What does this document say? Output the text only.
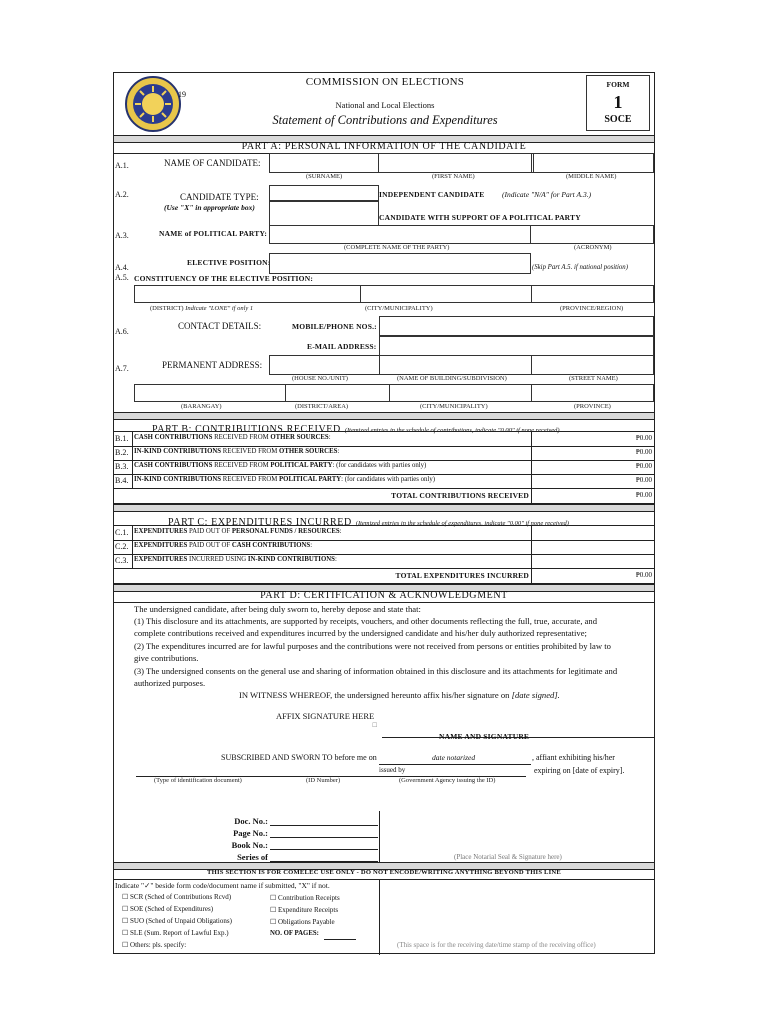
19
COMMISSION ON ELECTIONS
National and Local Elections
Statement of Contributions and Expenditures
FORM
1
SOCE
PART A: PERSONAL INFORMATION OF THE CANDIDATE
A.1.	NAME OF CANDIDATE:
(SURNAME)	(FIRST NAME)	(MIDDLE NAME)
A.2.	CANDIDATE TYPE:
(Use "X" in appropriate box)
INDEPENDENT CANDIDATE (Indicate "N/A" for Part A.3.)
CANDIDATE WITH SUPPORT OF A POLITICAL PARTY
A.3.	NAME of POLITICAL PARTY:
(COMPLETE NAME OF THE PARTY)	(ACRONYM)
A.4.
ELECTIVE POSITION:
(Skip Part A.5. if national position)
A.5. CONSTITUENCY OF THE ELECTIVE POSITION:
(DISTRICT) Indicate "LONE" if only 1	(CITY/MUNICIPALITY)	(PROVINCE/REGION)
A.6.
CONTACT DETAILS:	MOBILE/PHONE NOS.:
E-MAIL ADDRESS:
A.7.	PERMANENT ADDRESS:
(HOUSE NO./UNIT)	(NAME OF BUILDING/SUBDIVISION)	(STREET NAME)
(BARANGAY)	(DISTRICT/AREA)	(CITY/MUNICIPALITY)	(PROVINCE)
PART B: CONTRIBUTIONS RECEIVED (Itemized entries in the schedule of contributions, indicate "0.00" if none received)
B.1. CASH CONTRIBUTIONS RECEIVED FROM OTHER SOURCES:	₱0.00
B.2. IN-KIND CONTRIBUTIONS RECEIVED FROM OTHER SOURCES:	₱0.00
B.3. CASH CONTRIBUTIONS RECEIVED FROM POLITICAL PARTY: (for candidates with parties only)	₱0.00
B.4. IN-KIND CONTRIBUTIONS RECEIVED FROM POLITICAL PARTY: (for candidates with parties only)	₱0.00
TOTAL CONTRIBUTIONS RECEIVED	₱0.00
PART C: EXPENDITURES INCURRED (Itemized entries in the schedule of expenditures, indicate "0.00" if none received)
C.1. EXPENDITURES PAID OUT OF PERSONAL FUNDS / RESOURCES:
C.2. EXPENDITURES PAID OUT OF CASH CONTRIBUTIONS:
C.3. EXPENDITURES INCURRED USING IN-KIND CONTRIBUTIONS:
TOTAL EXPENDITURES INCURRED	₱0.00
PART D: CERTIFICATION & ACKNOWLEDGMENT
The undersigned candidate, after being duly sworn to, hereby depose and state that:
(1) This disclosure and its attachments, are supported by receipts, vouchers, and other documents reflecting the full, true, accurate, and
complete contributions received and expenditures incurred by the undersigned candidate and his/her duly authorized representative;
(2) The expenditures incurred are for lawful purposes and the contributions were not received from persons or entities prohibited by law to
give contributions.
(3) The undersigned consents on the general use and sharing of information obtained in this disclosure and its attachments for legitimate and
authorized purposes.
IN WITNESS WHEREOF, the undersigned hereunto affix his/her signature on [date signed].
AFFIX SIGNATURE HERE
☐
NAME AND SIGNATURE
SUBSCRIBED AND SWORN TO before me on	date notarized	, affiant exhibiting his/her
issued by	expiring on [date of expiry].
(Type of identification document)	(ID Number)	(Government Agency issuing the ID)
Doc. No.:
Page No.:
Book No.:
Series of	(Place Notarial Seal & Signature here)
THIS SECTION IS FOR COMELEC USE ONLY - DO NOT ENCODE/WRITING ANYTHING BEYOND THIS LINE
Indicate "✓" beside form code/document name if submitted, "X" if not.
☐ SCR (Sched of Contributions Rcvd)
☐ SOE (Sched of Expenditures)
☐ SUO (Sched of Unpaid Obligations)
☐ SLE (Sum. Report of Lawful Exp.)
☐ Others: pls. specify:
☐ Contribution Receipts
☐ Expenditure Receipts
☐ Obligations Payable
NO. OF PAGES:
(This space is for the receiving date/time stamp of the receiving office)
